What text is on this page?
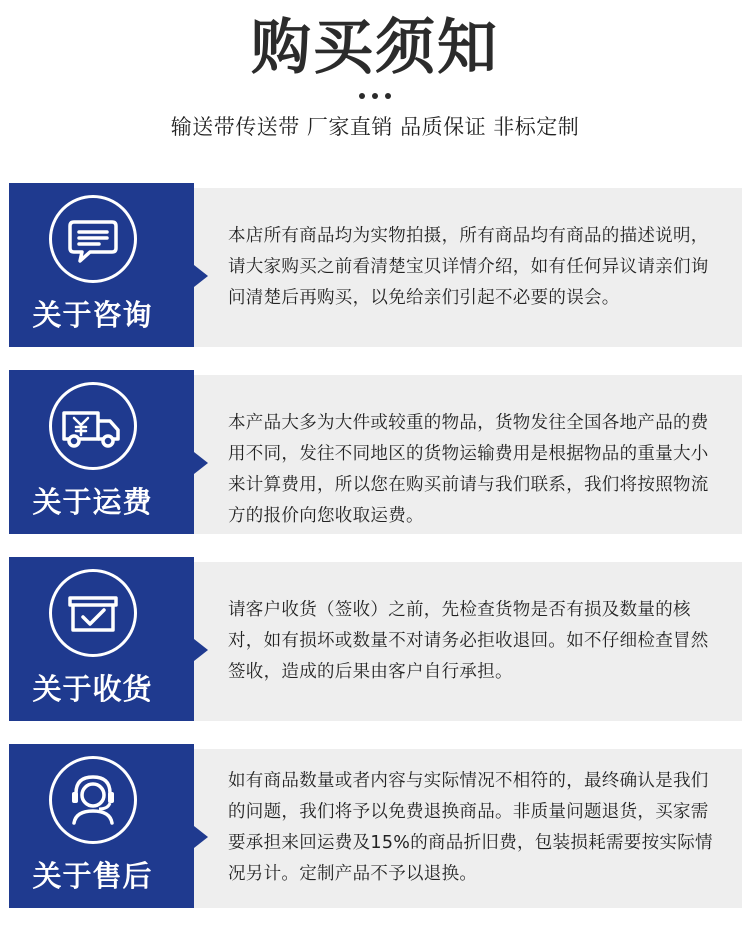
购买须知
输送带传送带 厂家直销 品质保证 非标定制
关于咨询
本店所有商品均为实物拍摄，所有商品均有商品的描述说明，请大家购买之前看清楚宝贝详情介绍，如有任何异议请亲们询问清楚后再购买，以免给亲们引起不必要的误会。
关于运费
本产品大多为大件或较重的物品，货物发往全国各地产品的费用不同，发往不同地区的货物运输费用是根据物品的重量大小来计算费用，所以您在购买前请与我们联系，我们将按照物流方的报价向您收取运费。
关于收货
请客户收货（签收）之前，先检查货物是否有损及数量的核对，如有损坏或数量不对请务必拒收退回。如不仔细检查冒然签收，造成的后果由客户自行承担。
关于售后
如有商品数量或者内容与实际情况不相符的，最终确认是我们的问题，我们将予以免费退换商品。非质量问题退货，买家需要承担来回运费及15%的商品折旧费，包装损耗需要按实际情况另计。定制产品不予以退换。
